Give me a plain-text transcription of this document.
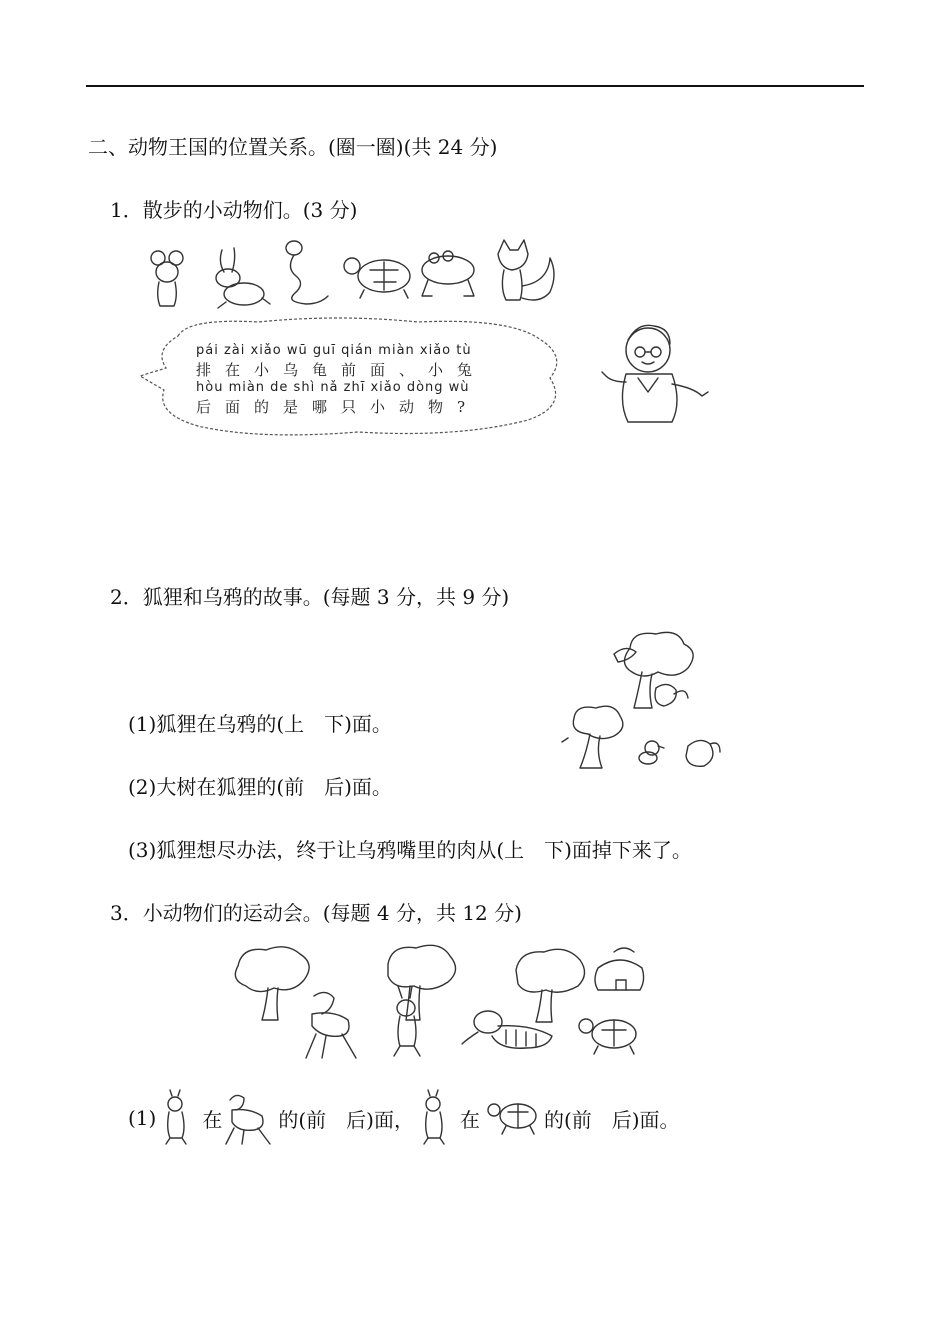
二、动物王国的位置关系。(圈一圈)(共 24 分)
1．散步的小动物们。(3 分)
pái zài xiǎo wū guī qián miàn xiǎo tù
排在小乌龟前面、小兔
hòu miàn de shì nǎ zhī xiǎo dòng wù
后面的是哪只小动物?
2．狐狸和乌鸦的故事。(每题 3 分，共 9 分)
(1)狐狸在乌鸦的(上　下)面。
(2)大树在狐狸的(前　后)面。
(3)狐狸想尽办法，终于让乌鸦嘴里的肉从(上　下)面掉下来了。
3．小动物们的运动会。(每题 4 分，共 12 分)
(1) 在	的(前　后)面， 在	的(前　后)面。
